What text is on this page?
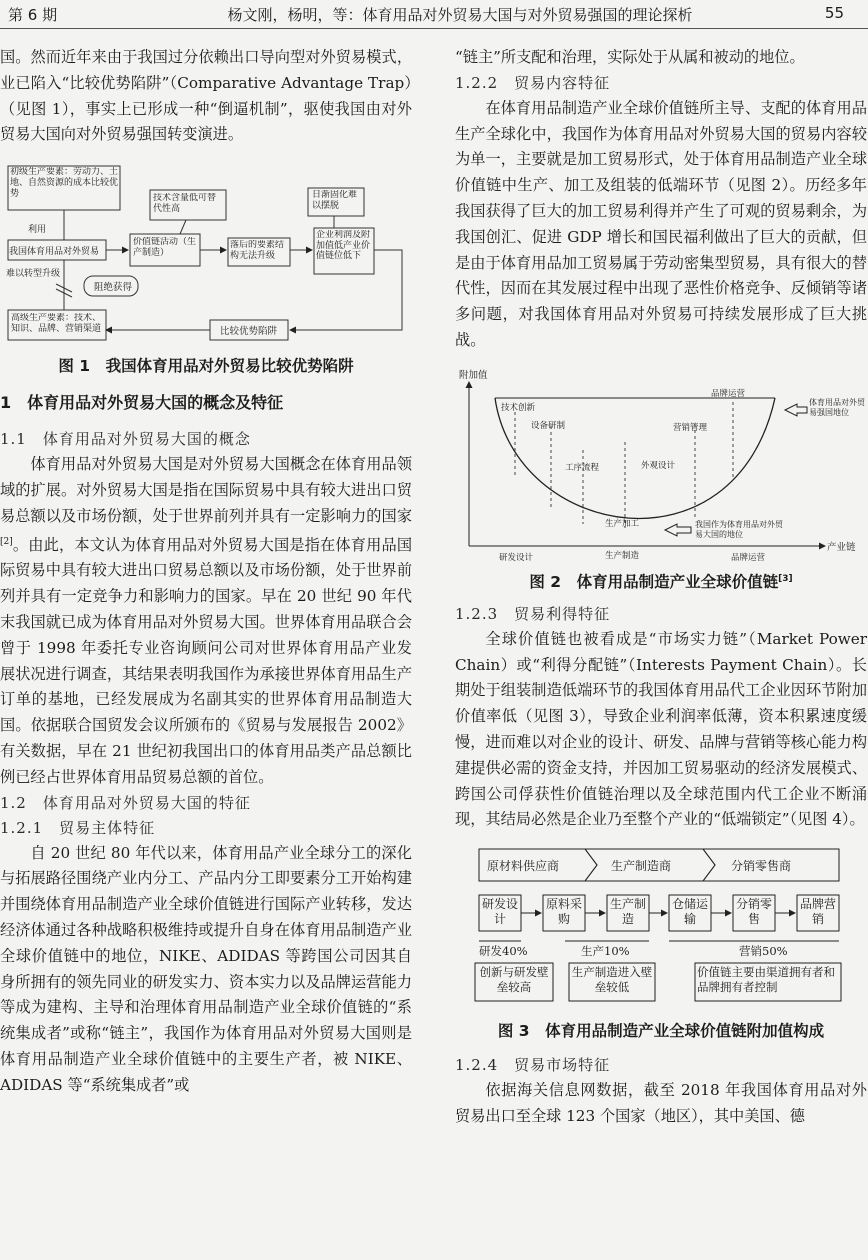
第 6 期	杨文刚，杨明，等：体育用品对外贸易大国与对外贸易强国的理论探析	55

国。然而近年来由于我国过分依赖出口导向型对外贸易模式，业已陷入“比较优势陷阱”（Comparative Advantage Trap）（见图 1），事实上已形成一种“倒逼机制”，驱使我国由对外贸易大国向对外贸易强国转变演进。

初级生产要素：劳动力、土地、自然资源的成本比较优势
利用
我国体育用品对外贸易
技术含量低可替代性高
价值链活动（生产制造）
落后的要素结构无法升级
日渐固化难以摆脱
企业利润及附加值低产业价值链位低下
比较优势陷阱
难以转型升级
阻绝获得
高级生产要素：技术、知识、品牌、营销渠道

图 1　我国体育用品对外贸易比较优势陷阱

1　体育用品对外贸易大国的概念及特征

1.1　体育用品对外贸易大国的概念

体育用品对外贸易大国是对外贸易大国概念在体育用品领域的扩展。对外贸易大国是指在国际贸易中具有较大进出口贸易总额以及市场份额，处于世界前列并具有一定影响力的国家[2]。由此，本文认为体育用品对外贸易大国是指在体育用品国际贸易中具有较大进出口贸易总额以及市场份额，处于世界前列并具有一定竞争力和影响力的国家。早在 20 世纪 90 年代末我国就已成为体育用品对外贸易大国。世界体育用品联合会曾于 1998 年委托专业咨询顾问公司对世界体育用品产业发展状况进行调查，其结果表明我国作为承接世界体育用品生产订单的基地，已经发展成为名副其实的世界体育用品制造大国。依据联合国贸发会议所颁布的《贸易与发展报告 2002》有关数据，早在 21 世纪初我国出口的体育用品类产品总额比例已经占世界体育用品贸易总额的首位。

1.2　体育用品对外贸易大国的特征

1.2.1　贸易主体特征

自 20 世纪 80 年代以来，体育用品产业全球分工的深化与拓展路径围绕产业内分工、产品内分工即要素分工开始构建并围绕体育用品制造产业全球价值链进行国际产业转移，发达经济体通过各种战略积极维持或提升自身在体育用品制造产业全球价值链中的地位，NIKE、ADIDAS 等跨国公司因其自身所拥有的领先同业的研发实力、资本实力以及品牌运营能力等成为建构、主导和治理体育用品制造产业全球价值链的“系统集成者”或称“链主”，我国作为体育用品对外贸易大国则是体育用品制造产业全球价值链中的主要生产者，被 NIKE、ADIDAS 等“系统集成者”或

“链主”所支配和治理，实际处于从属和被动的地位。

1.2.2　贸易内容特征

在体育用品制造产业全球价值链所主导、支配的体育用品生产全球化中，我国作为体育用品对外贸易大国的贸易内容较为单一，主要就是加工贸易形式，处于体育用品制造产业全球价值链中生产、加工及组装的低端环节（见图 2）。历经多年我国获得了巨大的加工贸易利得并产生了可观的贸易剩余，为我国创汇、促进 GDP 增长和国民福利做出了巨大的贡献，但是由于体育用品加工贸易属于劳动密集型贸易，具有很大的替代性，因而在其发展过程中出现了恶性价格竞争、反倾销等诸多问题，对我国体育用品对外贸易可持续发展形成了巨大挑战。

附加值
产业链
技术创新
设备研制
工序流程	外观设计
营销管理
品牌运营
生产加工
体育用品对外贸易强国地位
我国作为体育用品对外贸易大国的地位
研发设计	生产制造	品牌运营

图 2　体育用品制造产业全球价值链[3]

1.2.3　贸易利得特征

全球价值链也被看成是“市场实力链”（Market Power Chain）或“利得分配链”（Interests Payment Chain）。长期处于组装制造低端环节的我国体育用品代工企业因环节附加价值率低（见图 3），导致企业利润率低薄，资本积累速度缓慢，进而难以对企业的设计、研发、品牌与营销等核心能力构建提供必需的资金支持，并因加工贸易驱动的经济发展模式、跨国公司俘获性价值链治理以及全球范围内代工企业不断涌现，其结局必然是企业乃至整个产业的“低端锁定”（见图 4）。

原材料供应商	生产制造商	分销零售商
研发设计
原料采购
生产制造
仓储运输
分销零售
品牌营销
研发40%	生产10%	营销50%
创新与研发壁垒较高
生产制造进入壁垒较低
价值链主要由渠道拥有者和品牌拥有者控制

图 3　体育用品制造产业全球价值链附加值构成

1.2.4　贸易市场特征

依据海关信息网数据，截至 2018 年我国体育用品对外贸易出口至全球 123 个国家（地区），其中美国、德
